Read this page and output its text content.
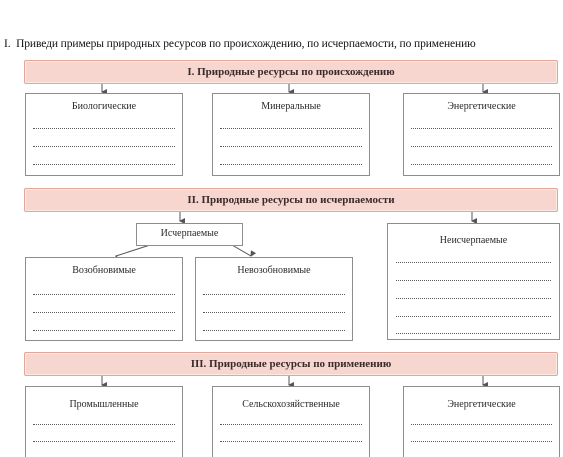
I. Приведи примеры природных ресурсов по происхождению, по исчерпаемости, по применению
I. Природные ресурсы по происхождению
Биологические	Минеральные	Энергетические
II. Природные ресурсы по исчерпаемости
Исчерпаемые
Возобновимые	Невозобновимые
Неисчерпаемые
III. Природные ресурсы по применению
Промышленные	Сельскохозяйственные	Энергетические
